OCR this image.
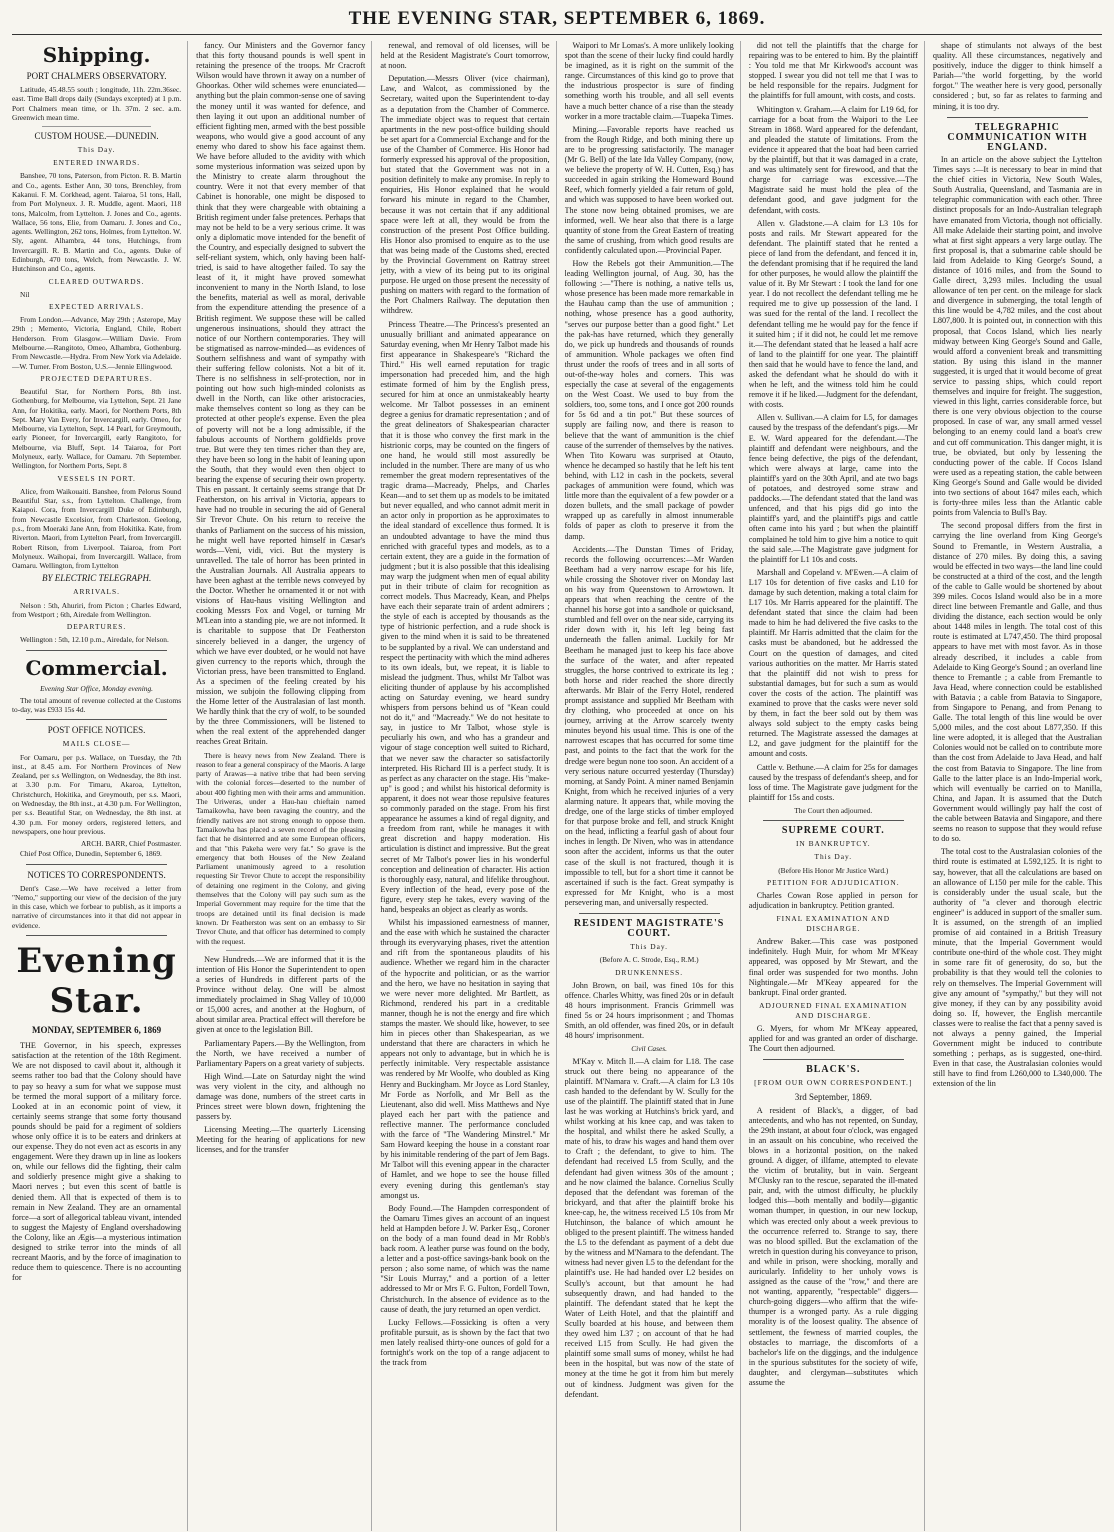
THE EVENING STAR, SEPTEMBER 6, 1869.
Shipping.
PORT CHALMERS OBSERVATORY.

Latitude, 45.48.55 south ; longitude, 11h. 22m.36sec. east. Time Ball drops daily (Sundays excepted) at 1 p.m. Port Chalmers mean time, or 1h. 37m. 2 sec. a.m. Greenwich mean time.

CUSTOM HOUSE.—DUNEDIN.
This Day.
ENTERED INWARDS.

Banshee, 70 tons, Paterson, from Picton. R. B. Martin and Co., agents. Esther Ann, 30 tons, Brenchley, from Kakanui. F. M. Corkhead, agent. Taiaroa, 51 tons, Hall, from Port Molyneux. J. R. Muddle, agent. Maori, 118 tons, Malcolm, from Lyttelton. J. Jones and Co., agents. Wallace, 56 tons, Elie, from Oamaru. J. Jones and Co., agents. Wellington, 262 tons, Holmes, from Lyttelton. W. Sly, agent. Alhambra, 44 tons, Hutchings, from Invercargill. R. B. Martin and Co., agents. Duke of Edinburgh, 470 tons, Welch, from Newcastle. J. W. Hutchinson and Co., agents.

CLEARED OUTWARDS.

Nil

EXPECTED ARRIVALS.

From London.—Advance, May 29th ; Asterope, May 29th ; Memento, Victoria, England, Chile, Robert Henderson. From Glasgow.—William Davie. From Melbourne.—Rangitoto, Omeo, Alhambra, Gothenburg. From Newcastle.—Hydra. From New York via Adelaide.—W. Turner. From Boston, U.S.—Jennie Ellingwood.

PROJECTED DEPARTURES.

Beautiful Star, for Northern Ports, 8th inst. Gothenburg, for Melbourne, via Lyttelton, Sept. 21 Jane Ann, for Hokitika, early. Maori, for Northern Ports, 8th Sept. Mary Van Every, for Invercargill, early. Omeo, for Melbourne, via Lyttelton, Sept. 14 Pearl, for Greymouth, early Pioneer, for Invercargill, early Rangitoto, for Melbourne, via Bluff, Sept. 14 Taiaroa, for Port Molyneux, early. Wallace, for Oamaru. 7th September. Wellington, for Northern Ports, Sept. 8

VESSELS IN PORT.

Alice, from Waikouaiti. Banshee, from Pelorus Sound Beautiful Star, s.s., from Lyttelton. Challenge, from Kaiapoi. Cora, from Invercargill Duke of Edinburgh, from Newcastle Excelsior, from Charleston. Geelong, p.s., from Moeraki Jane Ann, from Hokitika. Kate, from Riverton. Maori, from Lyttelton Pearl, from Invercargill. Robert Ritson, from Liverpool. Taiaroa, from Port Molyneux. Waihopai, from Invercargill. Wallace, from Oamaru. Wellington, from Lyttelton

BY ELECTRIC TELEGRAPH.
ARRIVALS.

Nelson : 5th, Ahuriri, from Picton ; Charles Edward, from Westport ; 6th, Airedale from Wellington.

DEPARTURES.

Wellington : 5th, 12.10 p.m., Airedale, for Nelson.

Commercial.
Evening Star Office, Monday evening.

The total amount of revenue collected at the Customs to-day, was £933 15s 4d.

POST OFFICE NOTICES.
MAILS CLOSE—

For Oamaru, per p.s. Wallace, on Tuesday, the 7th inst., at 8.45 a.m. For Northern Provinces of New Zealand, per s.s Wellington, on Wednesday, the 8th inst. at 3.30 p.m. For Timaru, Akaroa, Lyttelton, Christchurch, Hokitika, and Greymouth, per s.s. Maori, on Wednesday, the 8th inst., at 4.30 p.m. For Wellington, per s.s. Beautiful Star, on Wednesday, the 8th inst. at 4.30 p.m. For money orders, registered letters, and newspapers, one hour previous.

ARCH. BARR, Chief Postmaster.

Chief Post Office, Dunedin, September 6, 1869.

NOTICES TO CORRESPONDENTS.

Dent's Case.—We have received a letter from "Nemo," supporting our view of the decision of the jury in this case, which we forbear to publish, as it imports a narrative of circumstances into it that did not appear in evidence.

Evening Star.
MONDAY, SEPTEMBER 6, 1869

THE Governor, in his speech, expresses satisfaction at the retention of the 18th Regiment. We are not disposed to cavil about it, although it seems rather too bad that the Colony should have to pay so heavy a sum for what we suppose must be termed the moral support of a military force. Looked at in an economic point of view, it certainly seems strange that some forty thousand pounds should be paid for a regiment of soldiers whose only office it is to be eaters and drinkers at our expense. They do not even act as escorts in any engagement. Were they drawn up in line as lookers on, while our fellows did the fighting, their calm and soldierly presence might give a shaking to Maori nerves ; but even this scent of battle is denied them. All that is expected of them is to remain in New Zealand. They are an ornamental force—a sort of allegorical tableau vivant, intended to suggest the Majesty of England overshadowing the Colony, like an Ægis—a mysterious intimation designed to strike terror into the minds of all recreant Maoris, and by the force of imagination to reduce them to quiescence. There is no accounting for

fancy. Our Ministers and the Governor fancy that this forty thousand pounds is well spent in retaining the presence of the troops. Mr Cracroft Wilson would have thrown it away on a number of Ghoorkas. Other wild schemes were enunciated—anything but the plain common-sense one of saving the money until it was wanted for defence, and then laying it out upon an additional number of efficient fighting men, armed with the best possible weapons, who would give a good account of any enemy who dared to show his face against them. We have before alluded to the avidity with which some mysterious information was seized upon by the Ministry to create alarm throughout the country. Were it not that every member of that Cabinet is honorable, one might be disposed to think that they were chargeable with obtaining a British regiment under false pretences. Perhaps that may not be held to be a very serious crime. It was only a diplomatic move intended for the benefit of the Country, and especially designed to subvert the self-reliant system, which, only having been half-tried, is said to have altogether failed. To say the least of it, it might have proved somewhat inconvenient to many in the North Island, to lose the benefits, material as well as moral, derivable from the expenditure attending the presence of a British regiment. We suppose these will be called ungenerous insinuations, should they attract the notice of our Northern contemporaries. They will be stigmatised as narrow-minded—as evidences of Southern selfishness and want of sympathy with their suffering fellow colonists. Not a bit of it. There is no selfishness in self-protection, nor in pointing out how such high-minded colonists as dwell in the North, can like other aristocracies, make themselves content so long as they can be protected at other people's expense. Even the plea of poverty will not be a long admissible, if the fabulous accounts of Northern goldfields prove true. But were they ten times richer than they are, they have been so long in the habit of leaning upon the South, that they would even then object to bearing the expense of securing their own property. This en passant. It certainly seems strange that Dr Featherston, on his arrival in Victoria, appears to have had no trouble in securing the aid of General Sir Trevor Chute. On his return to receive the thanks of Parliament on the success of his mission, he might well have reported himself in Cæsar's words—Veni, vidi, vici. But the mystery is unravelled. The tale of horror has been printed in the Australian Journals. All Australia appears to have been aghast at the terrible news conveyed by the Doctor. Whether he ornamented it or not with visions of Hau-haus visiting Wellington and cooking Messrs Fox and Vogel, or turning Mr M'Lean into a standing pie, we are not informed. It is charitable to suppose that Dr Featherston sincerely believed in a danger, the urgency of which we have ever doubted, or he would not have given currency to the reports which, through the Victorian press, have been transmitted to England. As a specimen of the feeling created by his mission, we subjoin the following clipping from the Home letter of the Australasian of last month. We hardly think that the cry of wolf, to be sounded by the three Commissioners, will be listened to when the real extent of the apprehended danger reaches Great Britain.

There is heavy news from New Zealand. There is reason to fear a general conspiracy of the Maoris. A large party of Arawas—a native tribe that had been serving with the colonial forces—deserted to the number of about 400 fighting men with their arms and ammunition. The Uriweras, under a Hau-hau chieftain named Tamaikowha, have been ravaging the country, and the friendly natives are not strong enough to oppose them. Tamaikowha has placed a seven record of the pleasing fact that he disinterred and ate some European officers, and that "this Pakeha were very fat." So grave is the emergency that both Houses of the New Zealand Parliament unanimously agreed to a resolution requesting Sir Trevor Chute to accept the responsibility of detaining one regiment in the Colony, and giving themselves that the Colony will pay such sum as the Imperial Government may require for the time that the troops are detained until its final decision is made known. Dr Featherston was sent on an embassy to Sir Trevor Chute, and that officer has determined to comply with the request.

New Hundreds.—We are informed that it is the intention of His Honor the Superintendent to open a series of Hundreds in different parts of the Province without delay. One will be almost immediately proclaimed in Shag Valley of 10,000 or 15,000 acres, and another at the Hogburn, of about similar area. Practical effect will therefore be given at once to the legislation Bill.

Parliamentary Papers.—By the Wellington, from the North, we have received a number of Parliamentary Papers on a great variety of subjects.

High Wind.—Late on Saturday night the wind was very violent in the city, and although no damage was done, numbers of the street carts in Princes street were blown down, frightening the passers by.

Licensing Meeting.—The quarterly Licensing Meeting for the hearing of applications for new licenses, and for the transfer

renewal, and removal of old licenses, will be held at the Resident Magistrate's Court tomorrow, at noon.

Deputation.—Messrs Oliver (vice chairman), Law, and Walcot, as commissioned by the Secretary, waited upon the Superintendent to-day as a deputation from the Chamber of Commerce. The immediate object was to request that certain apartments in the new post-office building should be set apart for a Commercial Exchange and for the use of the Chamber of Commerce. His Honor had formerly expressed his approval of the proposition, but stated that the Government was not in a position definitely to make any promise. In reply to enquiries, His Honor explained that he would forward his minute in regard to the Chamber, because it was not certain that if any additional space were left at all, they would be from the construction of the present Post Office building. His Honor also promised to enquire as to the use that was being made of the Customs shed, erected by the Provincial Government on Rattray street jetty, with a view of its being put to its original purpose. He urged on those present the necessity of pushing on matters with regard to the formation of the Port Chalmers Railway. The deputation then withdrew.

Princess Theatre.—The Princess's presented an unusually brilliant and animated appearance on Saturday evening, when Mr Henry Talbot made his first appearance in Shakespeare's "Richard the Third." His well earned reputation for tragic impersonation had preceded him, and the high estimate formed of him by the English press, secured for him at once an unmistakeably hearty welcome. Mr Talbot possesses in an eminent degree a genius for dramatic representation ; and of the great delineators of Shakespearian character that it is those who convey the first mark in the histrionic corps, may be counted on the fingers of one hand, he would still most assuredly be included in the number. There are many of us who remember the great modern representatives of the tragic drama—Macready, Phelps, and Charles Kean—and to set them up as models to be imitated but never equalled, and who cannot admit merit in an actor only in proportion as he approximates to the ideal standard of excellence thus formed. It is an undoubted advantage to have the mind thus enriched with graceful types and models, as to a certain extent, they are a guide in the formation of judgment ; but it is also possible that this idealising may warp the judgment when men of equal ability put in their tribute of claim for recognition as correct models. Thus Macready, Kean, and Phelps have each their separate train of ardent admirers ; the style of each is accepted by thousands as the type of histrionic perfection, and a rude shock is given to the mind when it is said to be threatened to be supplanted by a rival. We can understand and respect the pertinacity with which the mind adheres to its own ideals, but, we repeat, it is liable to mislead the judgment. Thus, whilst Mr Talbot was eliciting thunder of applause by his accomplished acting on Saturday evening, we heard sundry whispers from persons behind us of "Kean could not do it," and "Macready." We do not hesitate to say, in justice to Mr Talbot, whose style is peculiarly his own, and who has a grandeur and vigour of stage conception well suited to Richard, that we never saw the character so satisfactorily interpreted. His Richard III is a perfect study. It is as perfect as any character on the stage. His "make-up" is good ; and whilst his historical deformity is apparent, it does not wear those repulsive features so commonly paraded on the stage. From his first appearance he assumes a kind of regal dignity, and a freedom from rant, while he manages it with great discretion and happy moderation. His articulation is distinct and impressive. But the great secret of Mr Talbot's power lies in his wonderful conception and delineation of character. His action is thoroughly easy, natural, and lifelike throughout. Every inflection of the head, every pose of the figure, every step he takes, every waving of the hand, bespeaks an object as clearly as words.

Whilst his impassioned earnestness of manner, and the ease with which he sustained the character through its everyvarying phases, rivet the attention and rift from the spontaneous plaudits of his audience. Whether we regard him in the character of the hypocrite and politician, or as the warrior and the hero, we have no hesitation in saying that we were never more delighted. Mr Bartlett, as Richmond, rendered his part in a creditable manner, though he is not the energy and fire which stamps the master. We should like, however, to see him in pieces other than Shakespearian, as we understand that there are characters in which he appears not only to advantage, but in which he is perfectly inimitable. Very respectable assistance was rendered by Mr Woolfe, who doubled as King Henry and Buckingham. Mr Joyce as Lord Stanley, Mr Forde as Norfolk, and Mr Bell as the Lieutenant, also did well. Miss Matthews and Nye played each her part with the patience and reflective manner. The performance concluded with the farce of "The Wandering Minstrel." Mr Sam Howard keeping the house in a constant roar by his inimitable rendering of the part of Jem Bags. Mr Talbot will this evening appear in the character of Hamlet, and we hope to see the house filled every evening during this gentleman's stay amongst us.

Body Found.—The Hampden correspondent of the Oamaru Times gives an account of an inquest held at Hampden before J. W. Parker Esq., Coroner on the body of a man found dead in Mr Robb's back room. A leather purse was found on the body, a letter and a post-office savings-bank book on the person ; also some name, of which was the name "Sir Louis Murray," and a portion of a letter addressed to Mr or Mrs F. G. Fulton, Fordell Town, Christchurch. In the absence of evidence as to the cause of death, the jury returned an open verdict.

Lucky Fellows.—Fossicking is often a very profitable pursuit, as is shown by the fact that two men lately realised thirty-one ounces of gold for a fortnight's work on the top of a range adjacent to the track from

Waipori to Mr Lomas's. A more unlikely looking spot than the scene of their lucky find could hardly be imagined, as it is right on the summit of the range. Circumstances of this kind go to prove that the industrious prospector is sure of finding something worth his trouble, and all sell events have a much better chance of a rise than the steady worker in a more tractable claim.—Tuapeka Times.

Mining.—Favorable reports have reached us from the Rough Ridge, and both mining there up are to be progressing satisfactorily. The manager (Mr G. Bell) of the late Ida Valley Company, (now, we believe the property of W. H. Cutten, Esq.) has succeeded in again striking the Homeward Bound Reef, which formerly yielded a fair return of gold, and which was supposed to have been worked out. The stone now being obtained promises, we are informed, well. We hear also that there is a large quantity of stone from the Great Eastern of treating the same of crushing, from which good results are confidently calculated upon.—Provincial Paper.

How the Rebels got their Ammunition.—The leading Wellington journal, of Aug. 30, has the following :—"There is nothing, a native tells us, whose presence has been made more remarkable in the Hauhau camp than the use of ammunition ; nothing, whose presence has a good authority, "serves our purpose better than a good fight." Let the pak-has have returned, which they generally do, we pick up hundreds and thousands of rounds of ammunition. Whole packages we often find thrust under the roofs of trees and in all sorts of out-of-the-way holes and corners. This was especially the case at several of the engagements on the West Coast. We used to buy from the soldiers, too, some tons, and I once got 200 rounds for 5s 6d and a tin pot." But these sources of supply are failing now, and there is reason to believe that the want of ammunition is the chief cause of the surrender of themselves by the natives. When Tito Kowaru was surprised at Otauto, whence he decamped so hastily that he left his tent behind, with L12 in cash in the pockets, several packages of ammunition were found, which was little more than the equivalent of a few powder or a dozen bullets, and the small package of powder wrapped up as carefully in almost innumerable folds of paper as cloth to preserve it from the damp.

Accidents.—The Dunstan Times of Friday, records the following occurrences:—Mr Warden Beetham had a very narrow escape for his life, while crossing the Shotover river on Monday last on his way from Queenstown to Arrowtown. It appears that when reaching the centre of the channel his horse got into a sandhole or quicksand, stumbled and fell over on the near side, carrying its rider down with it, his left leg being fast underneath the fallen animal. Luckily for Mr Beetham he managed just to keep his face above the surface of the water, and after repeated struggles, the horse contrived to extricate its leg ; both horse and rider reached the shore directly afterwards. Mr Blair of the Ferry Hotel, rendered prompt assistance and supplied Mr Beetham with dry clothing, who proceeded at once on his journey, arriving at the Arrow scarcely twenty minutes beyond his usual time. This is one of the narrowest escapes that has occurred for some time past, and points to the fact that the work for the dredge were begun none too soon. An accident of a very serious nature occurred yesterday (Thursday) morning, at Sandy Point. A miner named Benjamin Knight, from which he received injuries of a very alarming nature. It appears that, while moving the dredge, one of the large sticks of timber employed for that purpose broke and fell, and struck Knight on the head, inflicting a fearful gash of about four inches in length. Dr Niven, who was in attendance soon after the accident, informs us that the outer case of the skull is not fractured, though it is impossible to tell, but for a short time it cannot be ascertained if such is the fact. Great sympathy is expressed for Mr Knight, who is a most persevering man, and universally respected.

RESIDENT MAGISTRATE'S COURT.
This Day.
(Before A. C. Strode, Esq., R.M.)
DRUNKENNESS.

John Brown, on bail, was fined 10s for this offence. Charles Whitty, was fined 20s or in default 48 hours imprisonment. Francis Grimmell was fined 5s or 24 hours imprisonment ; and Thomas Smith, an old offender, was fined 20s, or in default 48 hours' imprisonment.

Civil Cases.

M'Kay v. Mitch ll.—A claim for L18. The case struck out there being no appearance of the plaintiff. M'Namara v. Craft.—A claim for L3 10s cash handed to the defendant by W. Scully for the use of the plaintiff. The plaintiff stated that in June last he was working at Hutchins's brick yard, and whilst working at his knee cap, and was taken to the hospital, and whilst there he asked Scully, a mate of his, to draw his wages and hand them over to Craft ; the defendant, to give to him. The defendant had received L5 from Scully, and the defendant had given witness 30s of the amount ; and he now claimed the balance. Cornelius Scully deposed that the defendant was foreman of the brickyard, and that after the plaintiff broke his knee-cap, he, the witness received L5 10s from Mr Hutchinson, the balance of which amount he obliged to the present plaintiff. The witness handed the L5 to the defendant as payment of a debt due by the witness and M'Namara to the defendant. The witness had never given L5 to the defendant for the plaintiff's use. He had handed over L2 besides on Scully's account, but that amount he had subsequently drawn, and had handed to the plaintiff. The defendant stated that he kept the Water of Leith Hotel, and that the plaintiff and Scully boarded at his house, and between them they owed him L37 ; on account of that he had received L15 from Scully. He had given the plaintiff some small sums of money, whilst he had been in the hospital, but was now of the state of money at the time he got it from him but merely out of kindness. Judgment was given for the defendant.

did not tell the plaintiffs that the charge for repairing was to be entered to him. By the plaintiff : You told me that Mr Kirkwood's account was stopped. I swear you did not tell me that I was to be held responsible for the repairs. Judgment for the plaintiffs for full amount, with costs, and costs.

Whitington v. Graham.—A claim for L19 6d, for carriage for a boat from the Waipori to the Lee Stream in 1868. Ward appeared for the defendant, and pleaded the statute of limitations. From the evidence it appeared that the boat had been carried by the plaintiff, but that it was damaged in a crate, and was ultimately sent for firewood, and that the charge for carriage was excessive.—The Magistrate said he must hold the plea of the defendant good, and gave judgment for the defendant, with costs.

Allen v. Gladstone.—A claim for L3 10s for posts and rails. Mr Stewart appeared for the defendant. The plaintiff stated that he rented a piece of land from the defendant, and fenced it in, the defendant promising that if he required the land for other purposes, he would allow the plaintiff the value of it. By Mr Stewart : I took the land for one year. I do not recollect the defendant telling me he required me to give up possession of the land. I was sued for the rental of the land. I recollect the defendant telling me he would pay for the fence if it suited him ; if it did not, he could let me remove it.—The defendant stated that he leased a half acre of land to the plaintiff for one year. The plaintiff then said that he would have to fence the land, and asked the defendant what he should do with it when he left, and the witness told him he could remove it if he liked.—Judgment for the defendant, with costs.

Allen v. Sullivan.—A claim for L5, for damages caused by the trespass of the defendant's pigs.—Mr E. W. Ward appeared for the defendant.—The plaintiff and defendant were neighbours, and the fence being defective, the pigs of the defendant, which were always at large, came into the plaintiff's yard on the 30th April, and ate two bags of potatoes, and destroyed some straw and paddocks.—The defendant stated that the land was unfenced, and that his pigs did go into the plaintiff's yard, and the plaintiff's pigs and cattle often came into his yard ; but when the plaintiff complained he told him to give him a notice to quit the said sale.—The Magistrate gave judgment for the plaintiff for L1 10s and costs.

Marshall and Copeland v. M'Ewen.—A claim of L17 10s for detention of five casks and L10 for damage by such detention, making a total claim for L17 10s. Mr Harris appeared for the plaintiff. The defendant stated that since the claim had been made to him he had delivered the five casks to the plaintiff. Mr Harris admitted that the claim for the casks must be abandoned, but he addressed the Court on the question of damages, and cited various authorities on the matter. Mr Harris stated that the plaintiff did not wish to press for substantial damages, but for such a sum as would cover the costs of the action. The plaintiff was examined to prove that the casks were never sold by them, in fact the beer sold out by them was always sold subject to the empty casks being returned. The Magistrate assessed the damages at L2, and gave judgment for the plaintiff for the amount and costs.

Cattle v. Bethune.—A claim for 25s for damages caused by the trespass of defendant's sheep, and for loss of time. The Magistrate gave judgment for the plaintiff for 15s and costs.

The Court then adjourned.
SUPREME COURT.
IN BANKRUPTCY.
This Day.
(Before His Honor Mr Justice Ward.)
PETITION FOR ADJUDICATION.

Charles Cowan Rose applied in person for adjudication in bankruptcy. Petition granted.

FINAL EXAMINATION AND DISCHARGE.

Andrew Baker.—This case was postponed indefinitely. Hugh Muir, for whom Mr M'Keay appeared, was opposed by Mr Stewart, and the final order was suspended for two months. John Nightingale.—Mr M'Keay appeared for the bankrupt. Final order granted.

ADJOURNED FINAL EXAMINATION AND DISCHARGE.

G. Myers, for whom Mr M'Keay appeared, applied for and was granted an order of discharge. The Court then adjourned.

BLACK'S.
[FROM OUR OWN CORRESPONDENT.]
3rd September, 1869.

A resident of Black's, a digger, of bad antecedents, and who has not repented, on Sunday, the 29th instant, at about four o'clock, was engaged in an assault on his concubine, who received the blows in a horizontal position, on the naked ground. A digger, of illfame, attempted to elevate the victim of brutality, but in vain. Sergeant M'Clusky ran to the rescue, separated the ill-mated pair, and, with the utmost difficulty, he pluckily lodged this—both mentally and bodily—gigantic woman thumper, in question, in our new lockup, which was erected only about a week previous to the occurrence referred to. Strange to say, there was no blood spilled. But the exclamation of the wretch in question during his conveyance to prison, and while in prison, were shocking, morally and auricularly. Infidelity to her unholy vows is assigned as the cause of the "row," and there are not wanting, apparently, "respectable" diggers—church-going diggers—who affirm that the wife-thumper is a wronged party. As a rule digging morality is of the loosest quality. The absence of settlement, the fewness of married couples, the obstacles to marriage, the discomforts of a bachelor's life on the diggings, and the indulgence in the spurious substitutes for the society of wife, daughter, and clergyman—substitutes which assume the

shape of stimulants not always of the best quality. All these circumstances, negatively and positively, induce the digger to think himself a Pariah—"the world forgetting, by the world forgot." The weather here is very good, personally considered ; but, so far as relates to farming and mining, it is too dry.

TELEGRAPHIC COMMUNICATION WITH ENGLAND.

In an article on the above subject the Lyttelton Times says :—It is necessary to bear in mind that the chief cities in Victoria, New South Wales, South Australia, Queensland, and Tasmania are in telegraphic communication with each other. Three distinct proposals for an Indo-Australian telegraph have emanated from Victoria, though not officially. All make Adelaide their starting point, and involve what at first sight appears a very large outlay. The first proposal is, that a submarine cable should be laid from Adelaide to King George's Sound, a distance of 1016 miles, and from the Sound to Galle direct, 3,293 miles. Including the usual allowance of ten per cent. on the mileage for slack and divergence in submerging, the total length of this line would be 4,782 miles, and the cost about L807,800. It is pointed out, in connection with this proposal, that Cocos Island, which lies nearly midway between King George's Sound and Galle, would afford a convenient break and transmitting station. By using this island in the manner suggested, it is urged that it would become of great service to passing ships, which could report themselves and inquire for freight. The suggestion, viewed in this light, carries considerable force, but there is one very obvious objection to the course proposed. In case of war, any small armed vessel belonging to an enemy could land a boat's crew and cut off communication. This danger might, it is true, be obviated, but only by lessening the conducting power of the cable. If Cocos Island were used as a repeating station, the cable between King George's Sound and Galle would be divided into two sections of about 1647 miles each, which is forty-three miles less than the Atlantic cable points from Valencia to Bull's Bay.

The second proposal differs from the first in carrying the line overland from King George's Sound to Fremantle, in Western Australia, a distance of 270 miles. By doing this, a saving would be effected in two ways—the land line could be constructed at a third of the cost, and the length of the cable to Galle would be shortened by about 399 miles. Cocos Island would also be in a more direct line between Fremantle and Galle, and thus dividing the distance, each section would be only about 1448 miles in length. The total cost of this route is estimated at L747,450. The third proposal appears to have met with most favor. As in those already described, it includes a cable from Adelaide to King George's Sound ; an overland line thence to Fremantle ; a cable from Fremantle to Java Head, where connection could be established with Batavia ; a cable from Batavia to Singapore, from Singapore to Penang, and from Penang to Galle. The total length of this line would be over 5,000 miles, and the cost about L877,350. If this line were adopted, it is alleged that the Australian Colonies would not be called on to contribute more than the cost from Adelaide to Java Head, and half the cost from Batavia to Singapore. The line from Galle to the latter place is an Indo-Imperial work, which will eventually be carried on to Manilla, China, and Japan. It is assumed that the Dutch Government would willingly pay half the cost of the cable between Batavia and Singapore, and there seems no reason to suppose that they would refuse to do so.

The total cost to the Australasian colonies of the third route is estimated at L592,125. It is right to say, however, that all the calculations are based on an allowance of L150 per mile for the cable. This is considerably under the usual scale, but the authority of "a clever and thorough electric engineer" is adduced in support of the smaller sum. It is assumed, on the strength of an implied promise of aid contained in a British Treasury minute, that the Imperial Government would contribute one-third of the whole cost. They might in some rare fit of generosity, do so, but the probability is that they would tell the colonies to rely on themselves. The Imperial Government will give any amount of "sympathy," but they will not give money, if they can by any possibility avoid doing so. If, however, the English mercantile classes were to realise the fact that a penny saved is not always a penny gained, the Imperial Government might be induced to contribute something ; perhaps, as is suggested, one-third. Even in that case, the Australasian colonies would still have to find from L260,000 to L340,000. The extension of the lin
